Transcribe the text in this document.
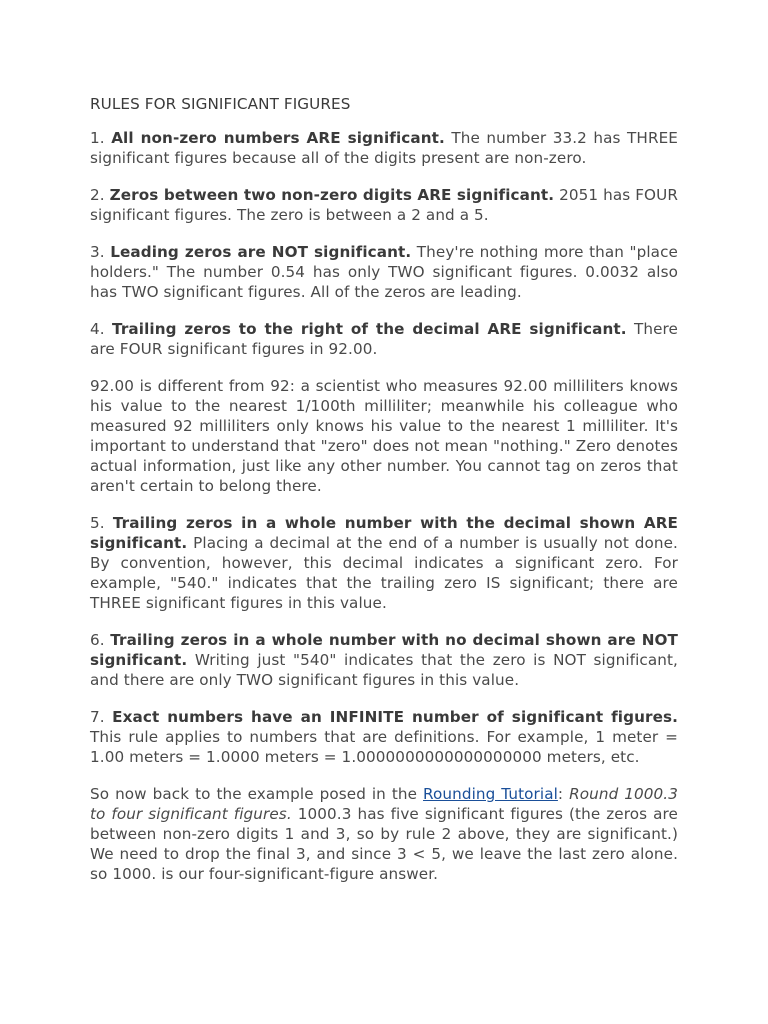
RULES FOR SIGNIFICANT FIGURES

1. All non-zero numbers ARE significant. The number 33.2 has THREE significant figures because all of the digits present are non-zero.

2. Zeros between two non-zero digits ARE significant. 2051 has FOUR significant figures. The zero is between a 2 and a 5.

3. Leading zeros are NOT significant. They're nothing more than "place holders." The number 0.54 has only TWO significant figures. 0.0032 also has TWO significant figures. All of the zeros are leading.

4. Trailing zeros to the right of the decimal ARE significant. There are FOUR significant figures in 92.00.

92.00 is different from 92: a scientist who measures 92.00 milliliters knows his value to the nearest 1/100th milliliter; meanwhile his colleague who measured 92 milliliters only knows his value to the nearest 1 milliliter. It's important to understand that "zero" does not mean "nothing." Zero denotes actual information, just like any other number. You cannot tag on zeros that aren't certain to belong there.

5. Trailing zeros in a whole number with the decimal shown ARE significant. Placing a decimal at the end of a number is usually not done. By convention, however, this decimal indicates a significant zero. For example, "540." indicates that the trailing zero IS significant; there are THREE significant figures in this value.

6. Trailing zeros in a whole number with no decimal shown are NOT significant. Writing just "540" indicates that the zero is NOT significant, and there are only TWO significant figures in this value.

7. Exact numbers have an INFINITE number of significant figures. This rule applies to numbers that are definitions. For example, 1 meter = 1.00 meters = 1.0000 meters = 1.0000000000000000000 meters, etc.

So now back to the example posed in the Rounding Tutorial: Round 1000.3 to four significant figures. 1000.3 has five significant figures (the zeros are between non-zero digits 1 and 3, so by rule 2 above, they are significant.) We need to drop the final 3, and since 3 < 5, we leave the last zero alone. so 1000. is our four-significant-figure answer.
